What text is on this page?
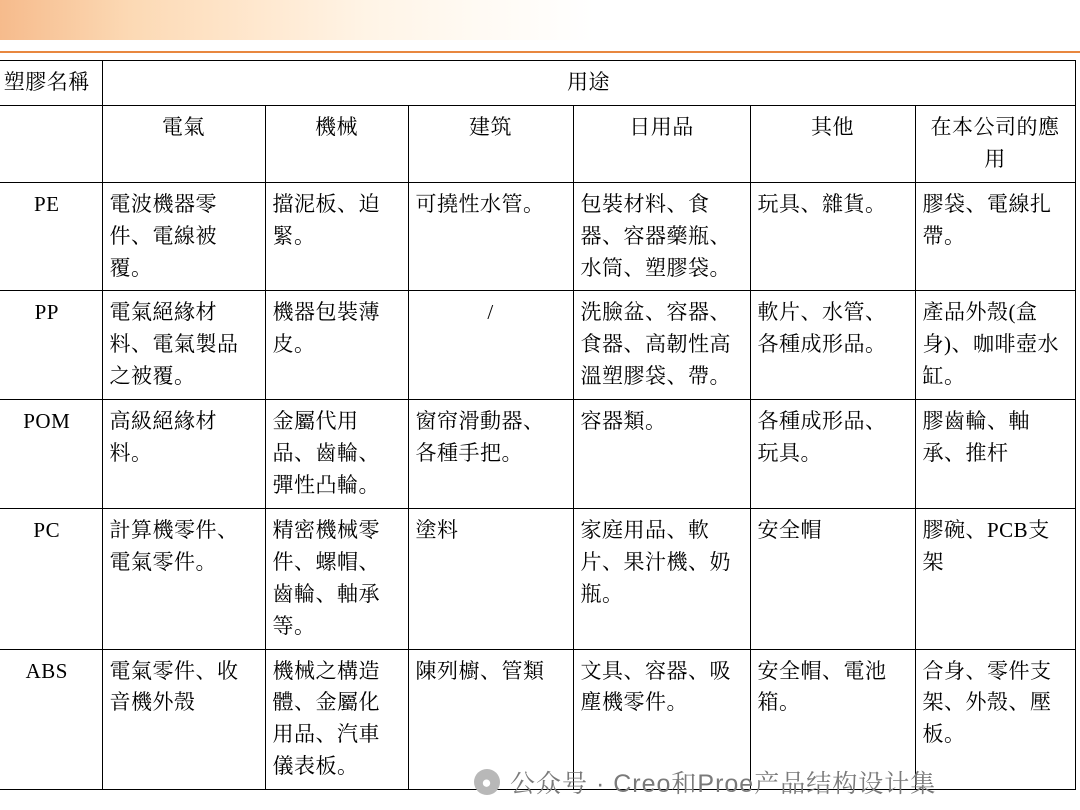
塑膠名稱	用途					
	電氣	機械	建筑	日用品	其他	在本公司的應用
PE	電波機器零件、電線被覆。	擋泥板、迫緊。	可撓性水管。	包裝材料、食器、容器藥瓶、水筒、塑膠袋。	玩具、雜貨。	膠袋、電線扎帶。
PP	電氣絕緣材料、電氣製品之被覆。	機器包裝薄皮。	/	洗臉盆、容器、食器、高韌性高溫塑膠袋、帶。	軟片、水管、各種成形品。	產品外殼(盒身)、咖啡壺水缸。
POM	高級絕緣材料。	金屬代用品、齒輪、彈性凸輪。	窗帘滑動器、各種手把。	容器類。	各種成形品、玩具。	膠齒輪、軸承、推杆
PC	計算機零件、電氣零件。	精密機械零件、螺帽、齒輪、軸承等。	塗料	家庭用品、軟片、果汁機、奶瓶。	安全帽	膠碗、PCB支架
ABS	電氣零件、收音機外殼	機械之構造體、金屬化用品、汽車儀表板。	陳列櫥、管類	文具、容器、吸塵機零件。	安全帽、電池箱。	合身、零件支架、外殼、壓板。
● 公众号 · Creo和Proe产品结构设计集
